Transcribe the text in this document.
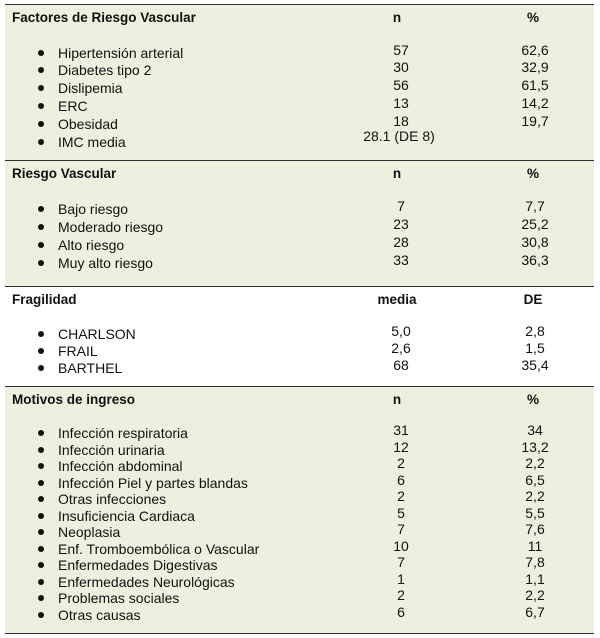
Factores de Riesgo Vascular	n	%
Hipertensión arterial	57	62,6
Diabetes tipo 2	30	32,9
Dislipemia	56	61,5
ERC	13	14,2
Obesidad	18	19,7
IMC media	28.1 (DE 8)
Riesgo Vascular	n	%
Bajo riesgo	7	7,7
Moderado riesgo	23	25,2
Alto riesgo	28	30,8
Muy alto riesgo	33	36,3
Fragilidad	media	DE
CHARLSON	5,0	2,8
FRAIL	2,6	1,5
BARTHEL	68	35,4
Motivos de ingreso	n	%
Infección respiratoria	31	34
Infección urinaria	12	13,2
Infección abdominal	2	2,2
Infección Piel y partes blandas	6	6,5
Otras infecciones	2	2,2
Insuficiencia Cardiaca	5	5,5
Neoplasia	7	7,6
Enf. Tromboembólica o Vascular	10	11
Enfermedades Digestivas	7	7,8
Enfermedades Neurológicas	1	1,1
Problemas sociales	2	2,2
Otras causas	6	6,7
